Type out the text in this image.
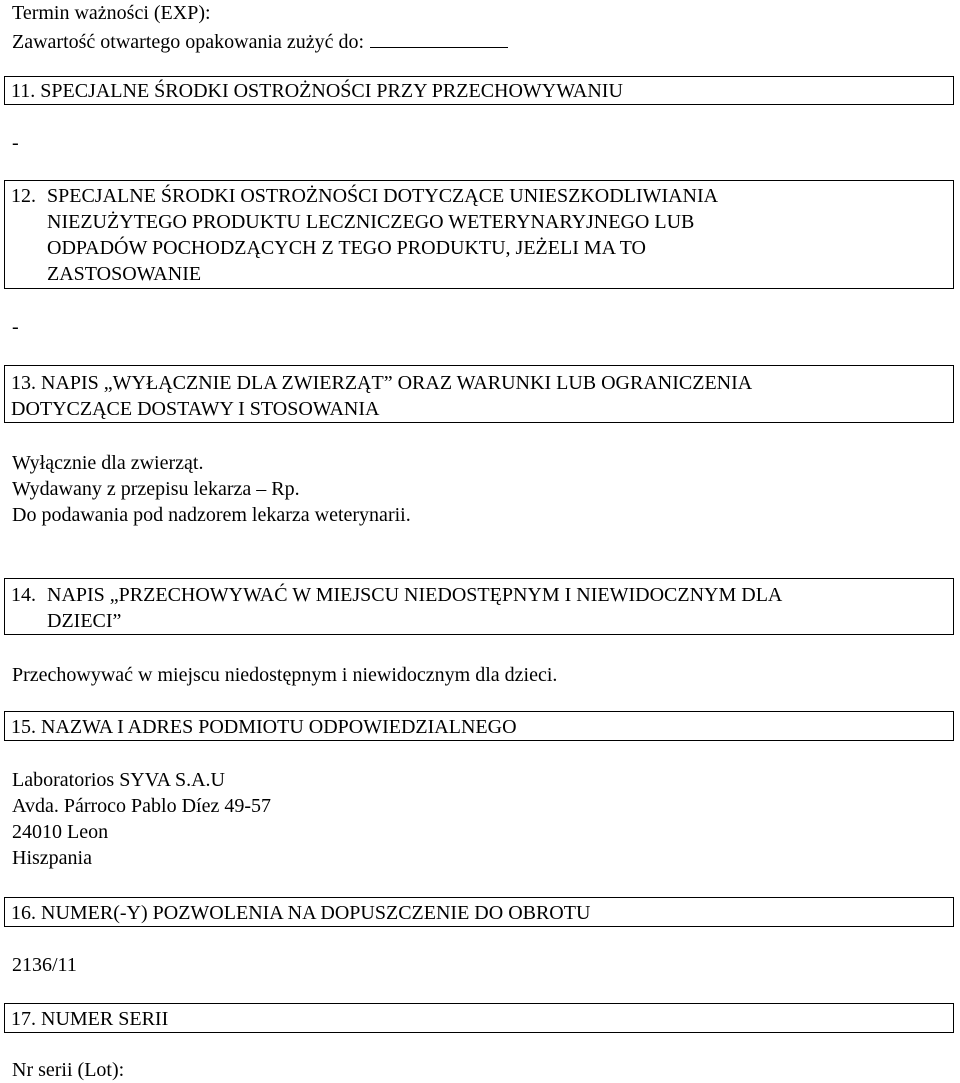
Termin ważności (EXP):
Zawartość otwartego opakowania zużyć do:
11. SPECJALNE ŚRODKI OSTROŻNOŚCI PRZY PRZECHOWYWANIU
-
12. SPECJALNE ŚRODKI OSTROŻNOŚCI DOTYCZĄCE UNIESZKODLIWIANIA
NIEZUŻYTEGO PRODUKTU LECZNICZEGO WETERYNARYJNEGO LUB
ODPADÓW POCHODZĄCYCH Z TEGO PRODUKTU, JEŻELI MA TO
ZASTOSOWANIE
-
13. NAPIS „WYŁĄCZNIE DLA ZWIERZĄT” ORAZ WARUNKI LUB OGRANICZENIA
DOTYCZĄCE DOSTAWY I STOSOWANIA
Wyłącznie dla zwierząt.
Wydawany z przepisu lekarza – Rp.
Do podawania pod nadzorem lekarza weterynarii.
14. NAPIS „PRZECHOWYWAĆ W MIEJSCU NIEDOSTĘPNYM I NIEWIDOCZNYM DLA
DZIECI”
Przechowywać w miejscu niedostępnym i niewidocznym dla dzieci.
15. NAZWA I ADRES PODMIOTU ODPOWIEDZIALNEGO
Laboratorios SYVA S.A.U
Avda. Párroco Pablo Díez 49-57
24010 Leon
Hiszpania
16. NUMER(-Y) POZWOLENIA NA DOPUSZCZENIE DO OBROTU
2136/11
17. NUMER SERII
Nr serii (Lot):
